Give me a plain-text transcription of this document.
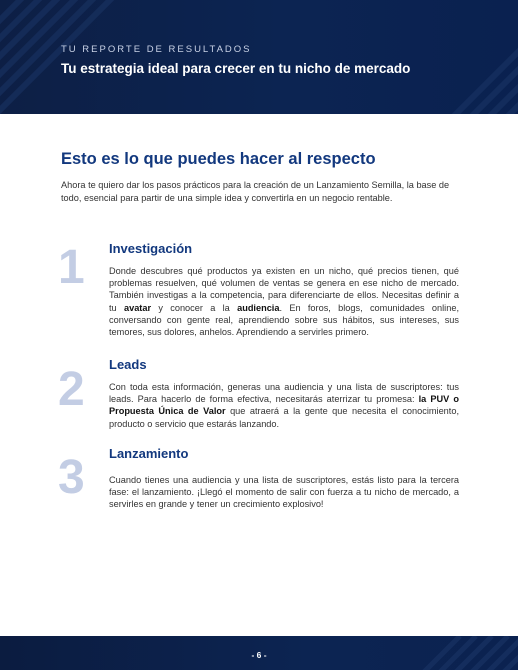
TU REPORTE DE RESULTADOS
Tu estrategia ideal para crecer en tu nicho de mercado
Esto es lo que puedes hacer al respecto
Ahora te quiero dar los pasos prácticos para la creación de un Lanzamiento Semilla, la base de todo, esencial para partir de una simple idea y convertirla en un negocio rentable.
1	Investigación
Donde descubres qué productos ya existen en un nicho, qué precios tienen, qué problemas resuelven, qué volumen de ventas se genera en ese nicho de mercado. También investigas a la competencia, para diferenciarte de ellos. Necesitas definir a tu avatar y conocer a la audiencia. En foros, blogs, comunidades online, conversando con gente real, aprendiendo sobre sus hábitos, sus intereses, sus temores, sus dolores, anhelos. Aprendiendo a servirles primero.
2	Leads
Con toda esta información, generas una audiencia y una lista de suscriptores: tus leads. Para hacerlo de forma efectiva, necesitarás aterrizar tu promesa: la PUV o Propuesta Única de Valor que atraerá a la gente que necesita el conocimiento, producto o servicio que estarás lanzando.
3	Lanzamiento
Cuando tienes una audiencia y una lista de suscriptores, estás listo para la tercera fase: el lanzamiento. ¡Llegó el momento de salir con fuerza a tu nicho de mercado, a servirles en grande y tener un crecimiento explosivo!
- 6 -
